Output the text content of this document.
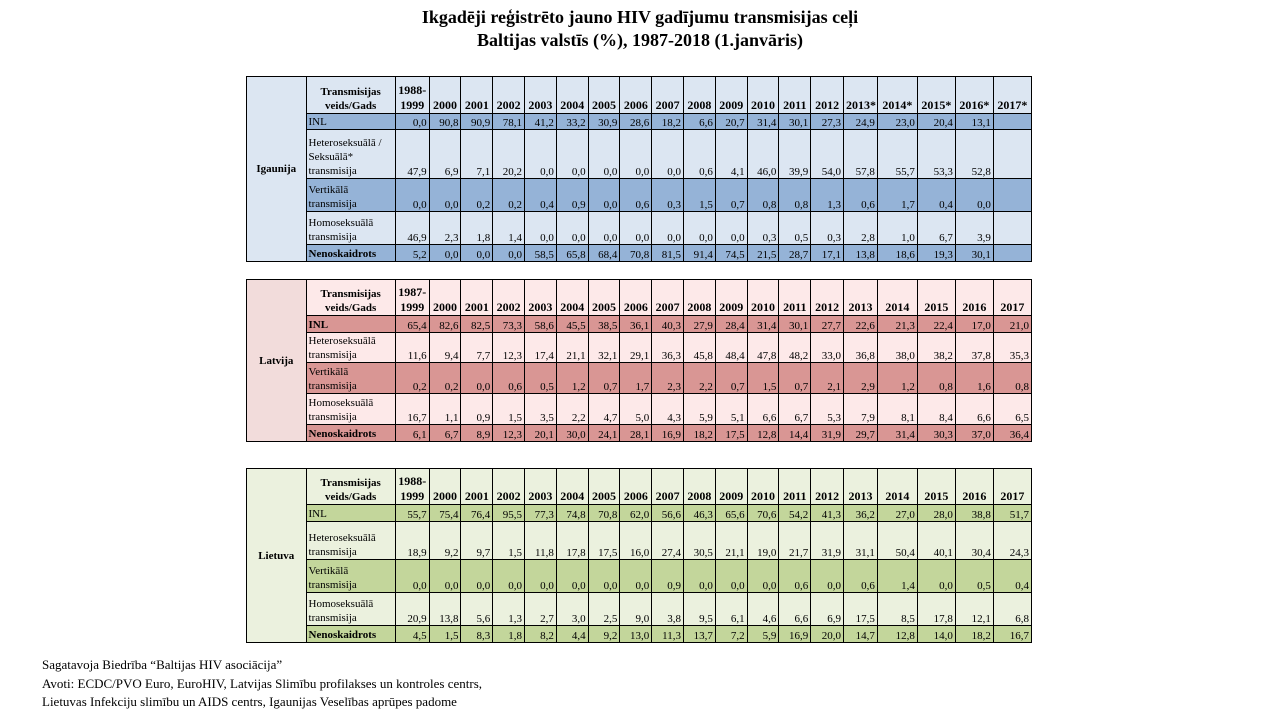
Ikgadēji reģistrēto jauno HIV gadījumu transmisijas ceļi
Baltijas valstīs (%), 1987-2018 (1.janvāris)
Igaunija	Transmisijas veids/Gads	1988-1999	2000	2001	2002	2003	2004	2005	2006	2007	2008	2009	2010	2011	2012	2013*	2014*	2015*	2016*	2017*
	INL	0,0	90,8	90,9	78,1	41,2	33,2	30,9	28,6	18,2	6,6	20,7	31,4	30,1	27,3	24,9	23,0	20,4	13,1	
	Heteroseksuālā / Seksuālā* transmisija	47,9	6,9	7,1	20,2	0,0	0,0	0,0	0,0	0,0	0,6	4,1	46,0	39,9	54,0	57,8	55,7	53,3	52,8	
	Vertikālā transmisija	0,0	0,0	0,2	0,2	0,4	0,9	0,0	0,6	0,3	1,5	0,7	0,8	0,8	1,3	0,6	1,7	0,4	0,0	
	Homoseksuālā transmisija	46,9	2,3	1,8	1,4	0,0	0,0	0,0	0,0	0,0	0,0	0,0	0,3	0,5	0,3	2,8	1,0	6,7	3,9	
	Nenoskaidrots	5,2	0,0	0,0	0,0	58,5	65,8	68,4	70,8	81,5	91,4	74,5	21,5	28,7	17,1	13,8	18,6	19,3	30,1	
Latvija	Transmisijas veids/Gads	1987-1999	2000	2001	2002	2003	2004	2005	2006	2007	2008	2009	2010	2011	2012	2013	2014	2015	2016	2017
	INL	65,4	82,6	82,5	73,3	58,6	45,5	38,5	36,1	40,3	27,9	28,4	31,4	30,1	27,7	22,6	21,3	22,4	17,0	21,0
	Heteroseksuālā transmisija	11,6	9,4	7,7	12,3	17,4	21,1	32,1	29,1	36,3	45,8	48,4	47,8	48,2	33,0	36,8	38,0	38,2	37,8	35,3
	Vertikālā transmisija	0,2	0,2	0,0	0,6	0,5	1,2	0,7	1,7	2,3	2,2	0,7	1,5	0,7	2,1	2,9	1,2	0,8	1,6	0,8
	Homoseksuālā transmisija	16,7	1,1	0,9	1,5	3,5	2,2	4,7	5,0	4,3	5,9	5,1	6,6	6,7	5,3	7,9	8,1	8,4	6,6	6,5
	Nenoskaidrots	6,1	6,7	8,9	12,3	20,1	30,0	24,1	28,1	16,9	18,2	17,5	12,8	14,4	31,9	29,7	31,4	30,3	37,0	36,4
Lietuva	Transmisijas veids/Gads	1988-1999	2000	2001	2002	2003	2004	2005	2006	2007	2008	2009	2010	2011	2012	2013	2014	2015	2016	2017
	INL	55,7	75,4	76,4	95,5	77,3	74,8	70,8	62,0	56,6	46,3	65,6	70,6	54,2	41,3	36,2	27,0	28,0	38,8	51,7
	Heteroseksuālā transmisija	18,9	9,2	9,7	1,5	11,8	17,8	17,5	16,0	27,4	30,5	21,1	19,0	21,7	31,9	31,1	50,4	40,1	30,4	24,3
	Vertikālā transmisija	0,0	0,0	0,0	0,0	0,0	0,0	0,0	0,0	0,9	0,0	0,0	0,0	0,6	0,0	0,6	1,4	0,0	0,5	0,4
	Homoseksuālā transmisija	20,9	13,8	5,6	1,3	2,7	3,0	2,5	9,0	3,8	9,5	6,1	4,6	6,6	6,9	17,5	8,5	17,8	12,1	6,8
	Nenoskaidrots	4,5	1,5	8,3	1,8	8,2	4,4	9,2	13,0	11,3	13,7	7,2	5,9	16,9	20,0	14,7	12,8	14,0	18,2	16,7
Sagatavoja Biedrība “Baltijas HIV asociācija”
Avoti: ECDC/PVO Euro, EuroHIV, Latvijas Slimību profilakses un kontroles centrs,
Lietuvas Infekciju slimību un AIDS centrs, Igaunijas Veselības aprūpes padome
